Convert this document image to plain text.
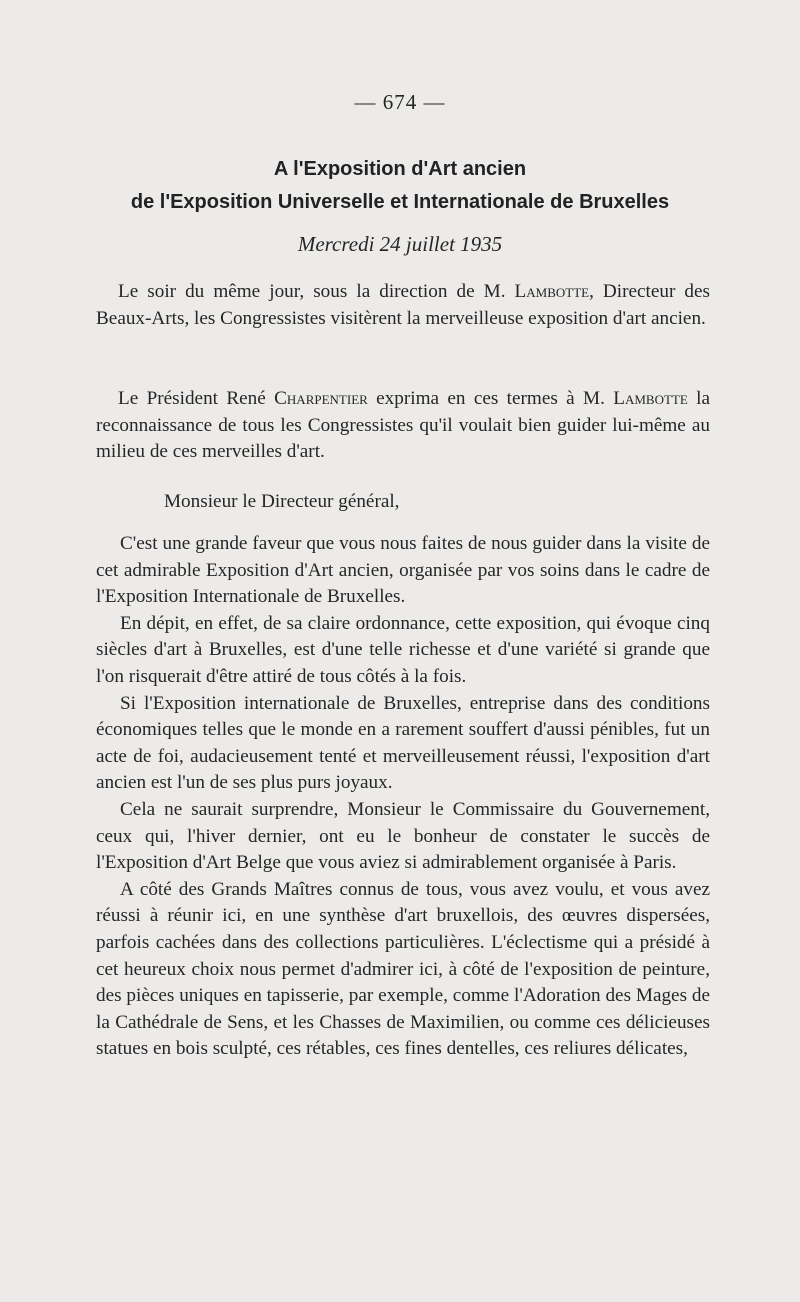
— 674 —
A l'Exposition d'Art ancien
de l'Exposition Universelle et Internationale de Bruxelles
Mercredi 24 juillet 1935

Le soir du même jour, sous la direction de M. Lambotte, Directeur des Beaux-Arts, les Congressistes visitèrent la merveilleuse exposition d'art ancien.

Le Président René Charpentier exprima en ces termes à M. Lambotte la reconnaissance de tous les Congressistes qu'il voulait bien guider lui-même au milieu de ces merveilles d'art.

Monsieur le Directeur général,

C'est une grande faveur que vous nous faites de nous guider dans la visite de cet admirable Exposition d'Art ancien, organisée par vos soins dans le cadre de l'Exposition Internationale de Bruxelles.

En dépit, en effet, de sa claire ordonnance, cette exposition, qui évoque cinq siècles d'art à Bruxelles, est d'une telle richesse et d'une variété si grande que l'on risquerait d'être attiré de tous côtés à la fois.

Si l'Exposition internationale de Bruxelles, entreprise dans des conditions économiques telles que le monde en a rarement souffert d'aussi pénibles, fut un acte de foi, audacieusement tenté et merveilleusement réussi, l'exposition d'art ancien est l'un de ses plus purs joyaux.

Cela ne saurait surprendre, Monsieur le Commissaire du Gouvernement, ceux qui, l'hiver dernier, ont eu le bonheur de constater le succès de l'Exposition d'Art Belge que vous aviez si admirablement organisée à Paris.

A côté des Grands Maîtres connus de tous, vous avez voulu, et vous avez réussi à réunir ici, en une synthèse d'art bruxellois, des œuvres dispersées, parfois cachées dans des collections particulières. L'éclectisme qui a présidé à cet heureux choix nous permet d'admirer ici, à côté de l'exposition de peinture, des pièces uniques en tapisserie, par exemple, comme l'Adoration des Mages de la Cathédrale de Sens, et les Chasses de Maximilien, ou comme ces délicieuses statues en bois sculpté, ces rétables, ces fines dentelles, ces reliures délicates,
